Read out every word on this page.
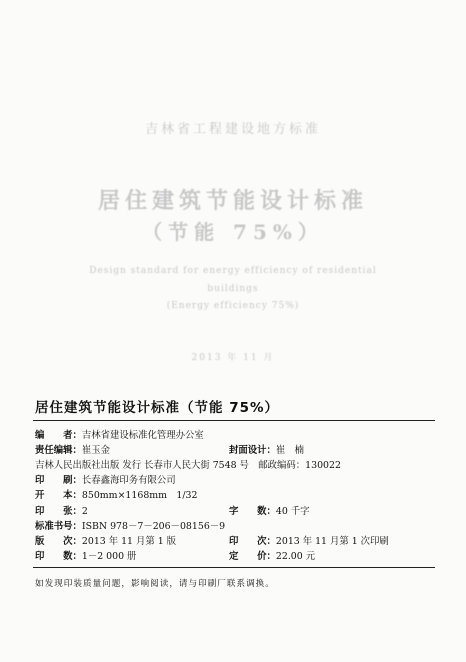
吉林省工程建设地方标准
居住建筑节能设计标准
（节能 75%）
Design standard for energy efficiency of residential
buildings
(Energy efficiency 75%)
2013 年 11 月
居住建筑节能设计标准（节能 75%）
编　　者：吉林省建设标准化管理办公室
责任编辑：崔玉金	封面设计：崔　楠
吉林人民出版社出版 发行 长春市人民大街 7548 号　邮政编码：130022
印　　刷：长春鑫海印务有限公司
开　　本：850mm×1168mm　1/32
印　　张：2	字　　数：40 千字
标准书号：ISBN 978－7－206－08156－9
版　　次：2013 年 11 月第 1 版	印　　次：2013 年 11 月第 1 次印刷
印　　数：1－2 000 册	定　　价：22.00 元
如发现印装质量问题，影响阅读，请与印刷厂联系调换。
